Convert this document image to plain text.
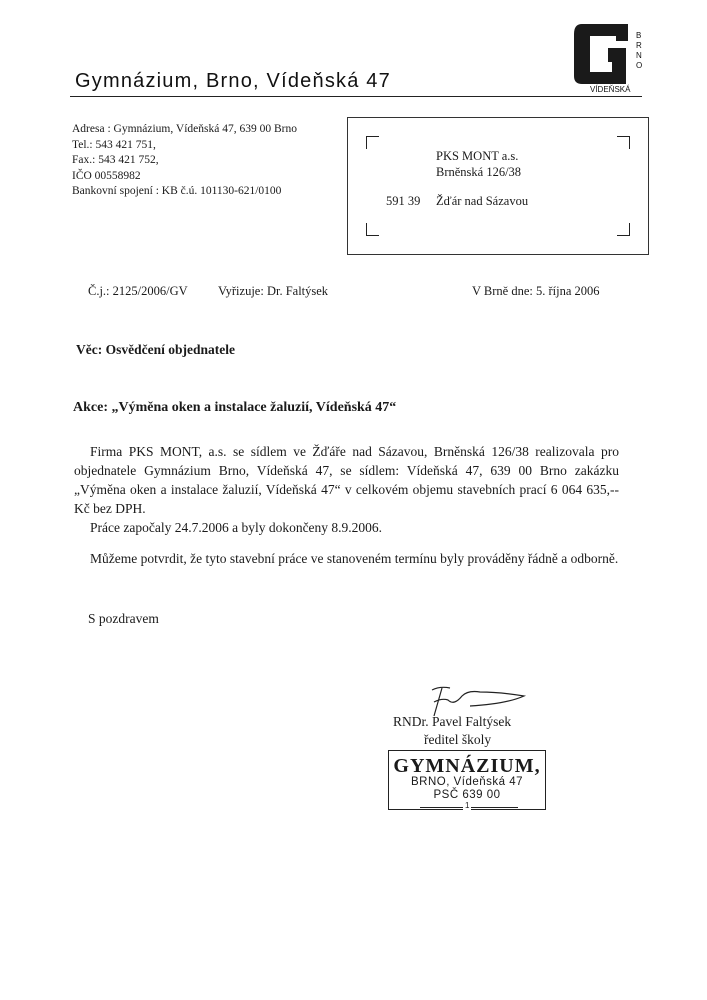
Gymnázium, Brno, Vídeňská 47
B
R
N
O
VÍDEŇSKÁ
Adresa : Gymnázium, Vídeňská 47, 639 00 Brno
Tel.: 543 421 751,
Fax.: 543 421 752,
IČO 00558982
Bankovní spojení : KB č.ú. 101130-621/0100
PKS MONT a.s.
Brněnská 126/38
591 39 Žďár nad Sázavou
Č.j.: 2125/2006/GV Vyřizuje: Dr. Faltýsek	V Brně dne: 5. října 2006
Věc: Osvědčení objednatele
Akce: „Výměna oken a instalace žaluzií, Vídeňská 47“

Firma PKS MONT, a.s. se sídlem ve Žďáře nad Sázavou, Brněnská 126/38 realizovala pro objednatele Gymnázium Brno, Vídeňská 47, se sídlem: Vídeňská 47, 639 00 Brno zakázku „Výměna oken a instalace žaluzií, Vídeňská 47“ v celkovém objemu stavebních prací 6 064 635,-- Kč bez DPH.

Práce započaly 24.7.2006 a byly dokončeny 8.9.2006.

Můžeme potvrdit, že tyto stavební práce ve stanoveném termínu byly prováděny řádně a odborně.

S pozdravem
RNDr. Pavel Faltýsek
ředitel školy
GYMNÁZIUM,
BRNO, Vídeňská 47
PSČ 639 00
1
